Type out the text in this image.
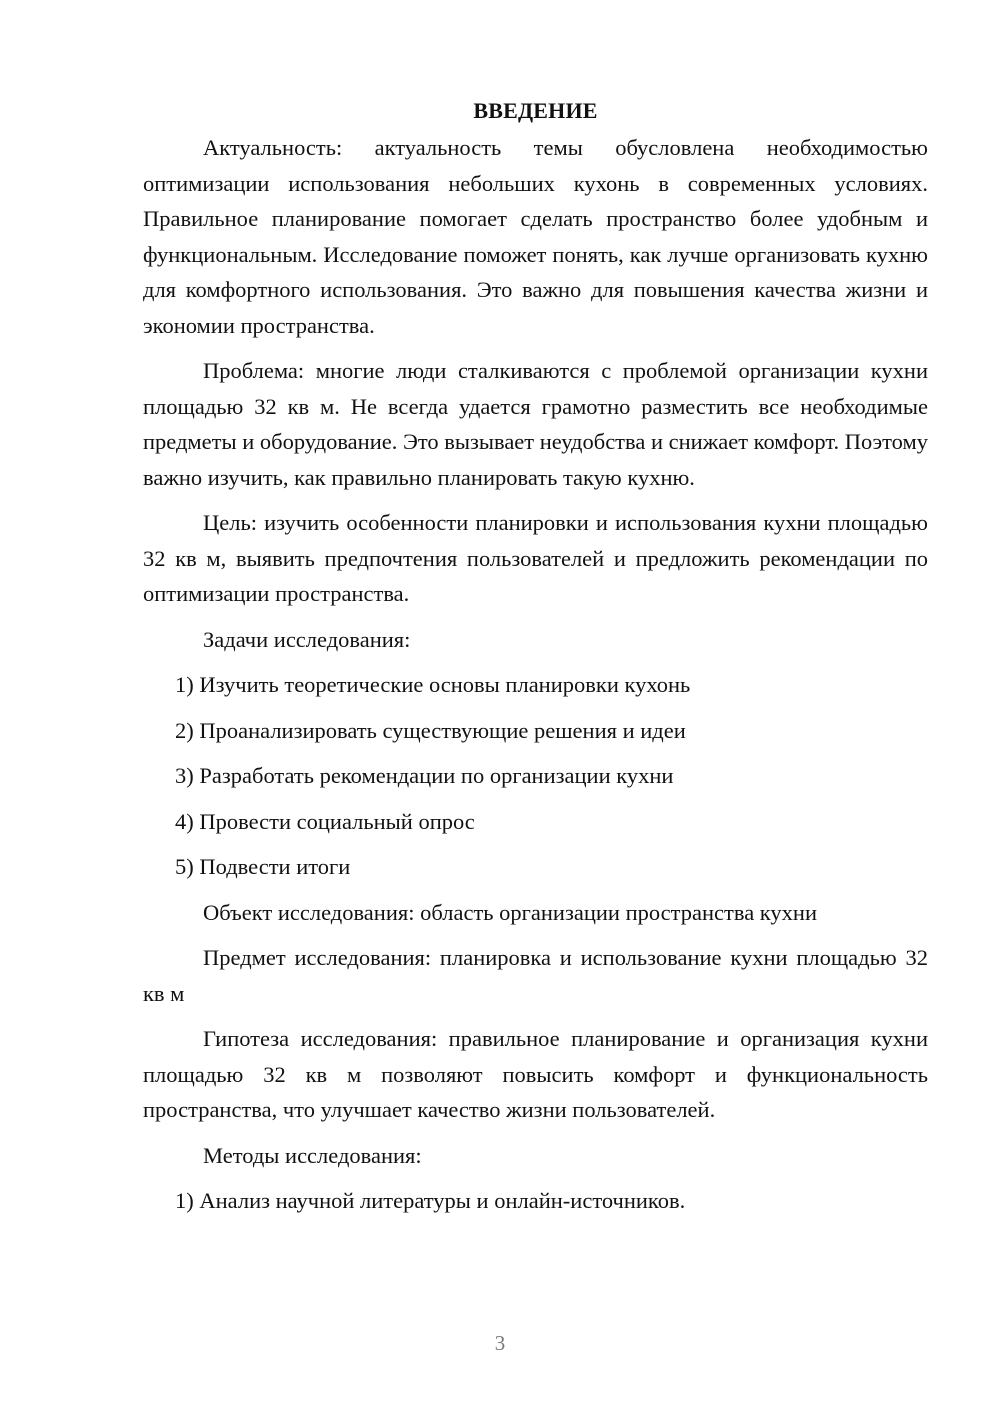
ВВЕДЕНИЕ

Актуальность: актуальность темы обусловлена необходимостью оптимизации использования небольших кухонь в современных условиях. Правильное планирование помогает сделать пространство более удобным и функциональным. Исследование поможет понять, как лучше организовать кухню для комфортного использования. Это важно для повышения качества жизни и экономии пространства.

Проблема: многие люди сталкиваются с проблемой организации кухни площадью 32 кв м. Не всегда удается грамотно разместить все необходимые предметы и оборудование. Это вызывает неудобства и снижает комфорт. Поэтому важно изучить, как правильно планировать такую кухню.

Цель: изучить особенности планировки и использования кухни площадью 32 кв м, выявить предпочтения пользователей и предложить рекомендации по оптимизации пространства.

Задачи исследования:
1) Изучить теоретические основы планировки кухонь
2) Проанализировать существующие решения и идеи
3) Разработать рекомендации по организации кухни
4) Провести социальный опрос
5) Подвести итоги
Объект исследования: область организации пространства кухни

Предмет исследования: планировка и использование кухни площадью 32 кв м

Гипотеза исследования: правильное планирование и организация кухни площадью 32 кв м позволяют повысить комфорт и функциональность пространства, что улучшает качество жизни пользователей.

Методы исследования:
1) Анализ научной литературы и онлайн-источников.
3
